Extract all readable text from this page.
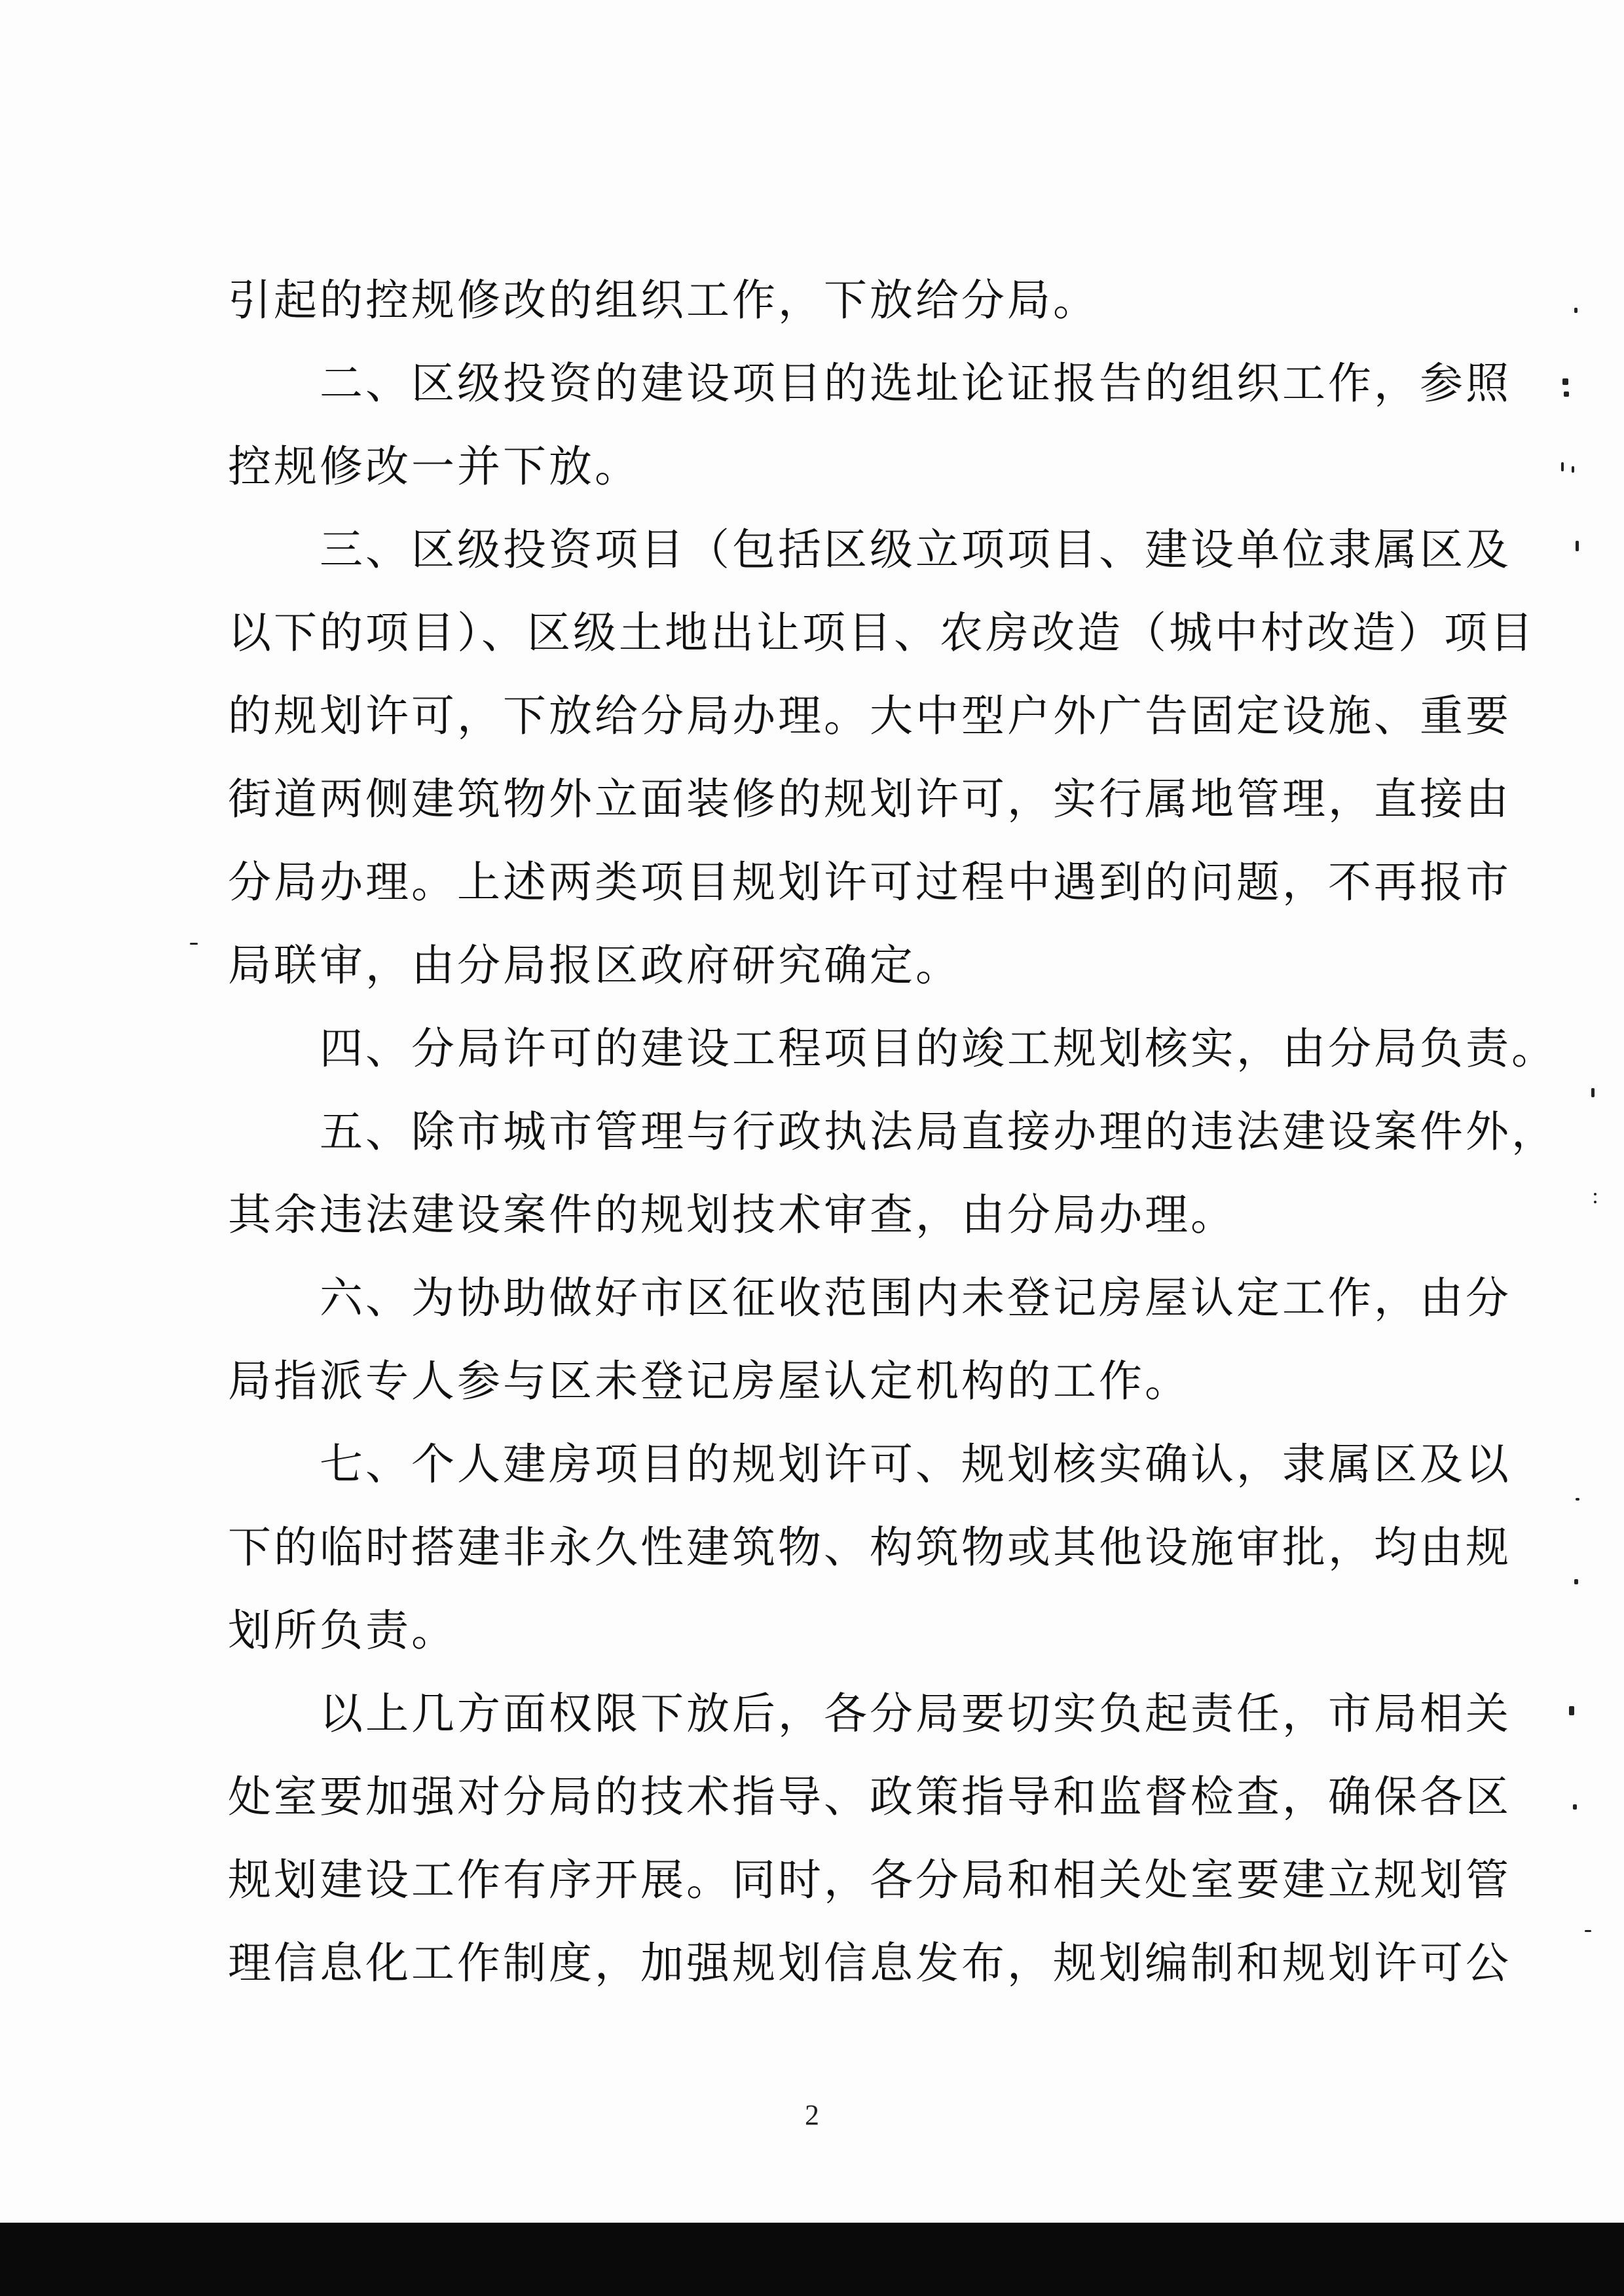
引起的控规修改的组织工作，下放给分局。
　　二、区级投资的建设项目的选址论证报告的组织工作，参照
控规修改一并下放。
　　三、区级投资项目（包括区级立项项目、建设单位隶属区及
以下的项目）、区级土地出让项目、农房改造（城中村改造）项目
的规划许可，下放给分局办理。大中型户外广告固定设施、重要
街道两侧建筑物外立面装修的规划许可，实行属地管理，直接由
分局办理。上述两类项目规划许可过程中遇到的问题，不再报市
局联审，由分局报区政府研究确定。
　　四、分局许可的建设工程项目的竣工规划核实，由分局负责。
　　五、除市城市管理与行政执法局直接办理的违法建设案件外，
其余违法建设案件的规划技术审查，由分局办理。
　　六、为协助做好市区征收范围内未登记房屋认定工作，由分
局指派专人参与区未登记房屋认定机构的工作。
　　七、个人建房项目的规划许可、规划核实确认，隶属区及以
下的临时搭建非永久性建筑物、构筑物或其他设施审批，均由规
划所负责。
　　以上几方面权限下放后，各分局要切实负起责任，市局相关
处室要加强对分局的技术指导、政策指导和监督检查，确保各区
规划建设工作有序开展。同时，各分局和相关处室要建立规划管
理信息化工作制度，加强规划信息发布，规划编制和规划许可公
2
